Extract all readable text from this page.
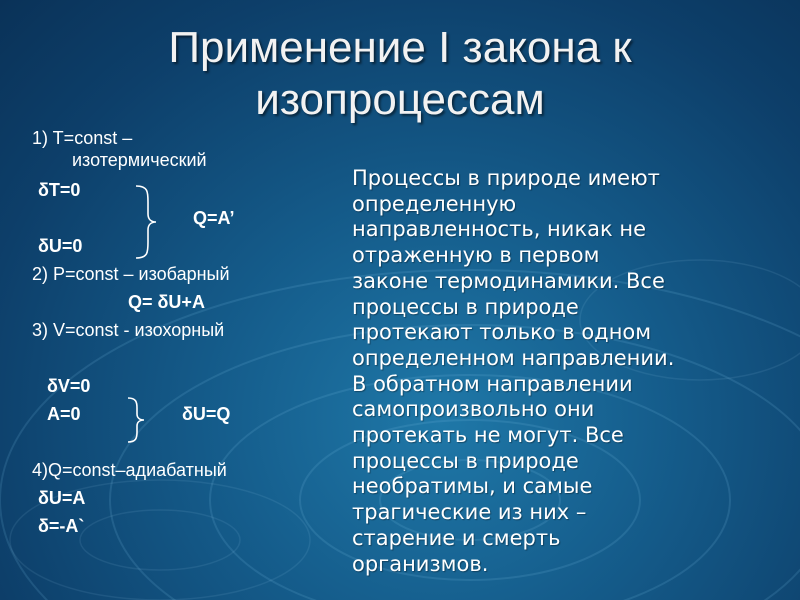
Применение I закона к
изопроцессам
1) T=const –
изотермический
δT=0
Q=A’
δU=0
2) P=const – изобарный
Q= δU+A
3) V=const - изохорный
δV=0
A=0	δU=Q
4)Q=const–адиабатный
δU=A
δ=-A`
Процессы в природе имеют
определенную
направленность, никак не
отраженную в первом
законе термодинамики. Все
процессы в природе
протекают только в одном
определенном направлении.
В обратном направлении
самопроизвольно они
протекать не могут. Все
процессы в природе
необратимы, и самые
трагические из них –
старение и смерть
организмов.
